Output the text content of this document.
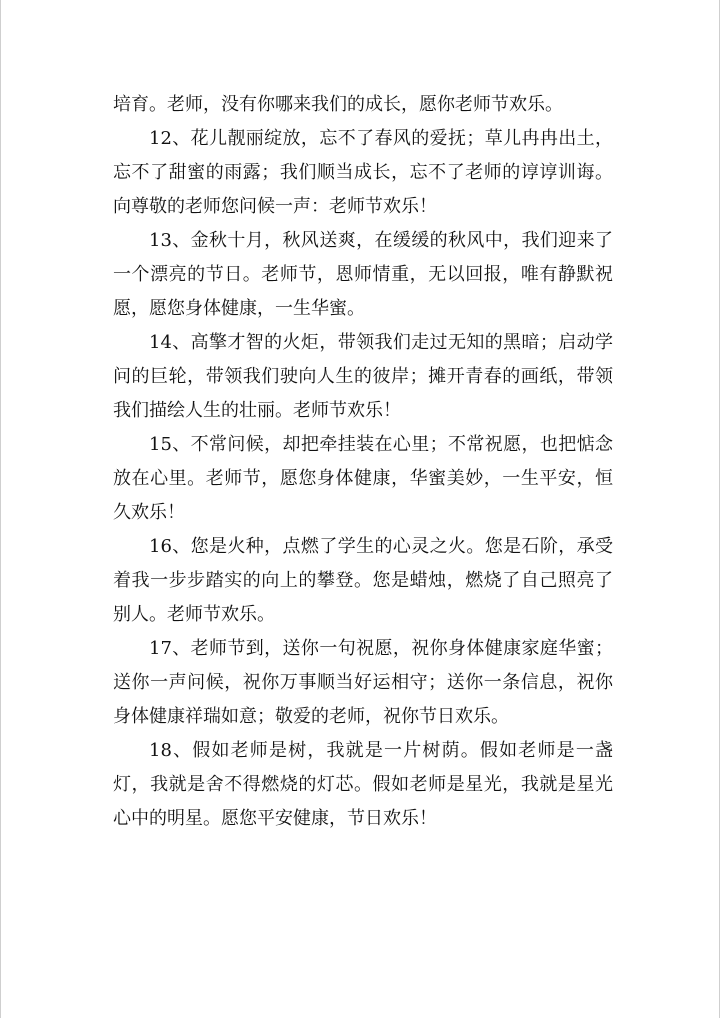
培育。老师，没有你哪来我们的成长，愿你老师节欢乐。

12、花儿靓丽绽放，忘不了春风的爱抚；草儿冉冉出土，忘不了甜蜜的雨露；我们顺当成长，忘不了老师的谆谆训诲。向尊敬的老师您问候一声：老师节欢乐！

13、金秋十月，秋风送爽，在缓缓的秋风中，我们迎来了一个漂亮的节日。老师节，恩师情重，无以回报，唯有静默祝愿，愿您身体健康，一生华蜜。

14、高擎才智的火炬，带领我们走过无知的黑暗；启动学问的巨轮，带领我们驶向人生的彼岸；摊开青春的画纸，带领我们描绘人生的壮丽。老师节欢乐！

15、不常问候，却把牵挂装在心里；不常祝愿，也把惦念放在心里。老师节，愿您身体健康，华蜜美妙，一生平安，恒久欢乐！

16、您是火种，点燃了学生的心灵之火。您是石阶，承受着我一步步踏实的向上的攀登。您是蜡烛，燃烧了自己照亮了别人。老师节欢乐。

17、老师节到，送你一句祝愿，祝你身体健康家庭华蜜；送你一声问候，祝你万事顺当好运相守；送你一条信息，祝你身体健康祥瑞如意；敬爱的老师，祝你节日欢乐。

18、假如老师是树，我就是一片树荫。假如老师是一盏灯，我就是舍不得燃烧的灯芯。假如老师是星光，我就是星光心中的明星。愿您平安健康，节日欢乐！
